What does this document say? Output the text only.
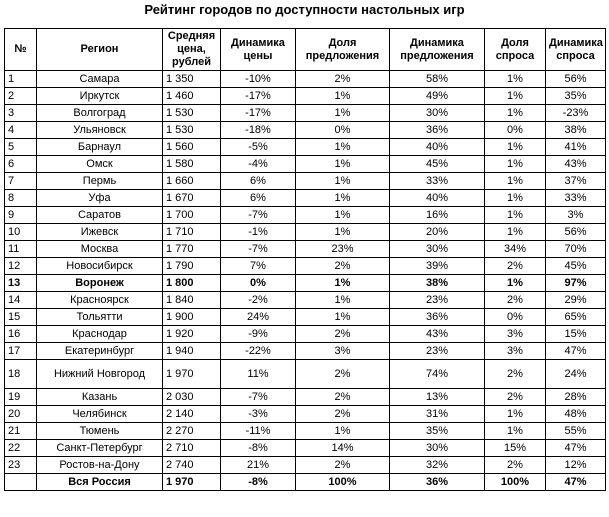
Рейтинг городов по доступности настольных игр
№	Регион	Средняя цена, рублей	Динамика цены	Доля предложения	Динамика предложения	Доля спроса	Динамика спроса
1	Самара	1 350	-10%	2%	58%	1%	56%
2	Иркутск	1 460	-17%	1%	49%	1%	35%
3	Волгоград	1 530	-17%	1%	30%	1%	-23%
4	Ульяновск	1 530	-18%	0%	36%	0%	38%
5	Барнаул	1 560	-5%	1%	40%	1%	41%
6	Омск	1 580	-4%	1%	45%	1%	43%
7	Пермь	1 660	6%	1%	33%	1%	37%
8	Уфа	1 670	6%	1%	40%	1%	33%
9	Саратов	1 700	-7%	1%	16%	1%	3%
10	Ижевск	1 710	-1%	1%	20%	1%	56%
11	Москва	1 770	-7%	23%	30%	34%	70%
12	Новосибирск	1 790	7%	2%	39%	2%	45%
13	Воронеж	1 800	0%	1%	38%	1%	97%
14	Красноярск	1 840	-2%	1%	23%	2%	29%
15	Тольятти	1 900	24%	1%	36%	0%	65%
16	Краснодар	1 920	-9%	2%	43%	3%	15%
17	Екатеринбург	1 940	-22%	3%	23%	3%	47%
18	Нижний Новгород	1 970	11%	2%	74%	2%	24%
19	Казань	2 030	-7%	2%	13%	2%	28%
20	Челябинск	2 140	-3%	2%	31%	1%	48%
21	Тюмень	2 270	-11%	1%	35%	1%	55%
22	Санкт-Петербург	2 710	-8%	14%	30%	15%	47%
23	Ростов-на-Дону	2 740	21%	2%	32%	2%	12%
	Вся Россия	1 970	-8%	100%	36%	100%	47%
